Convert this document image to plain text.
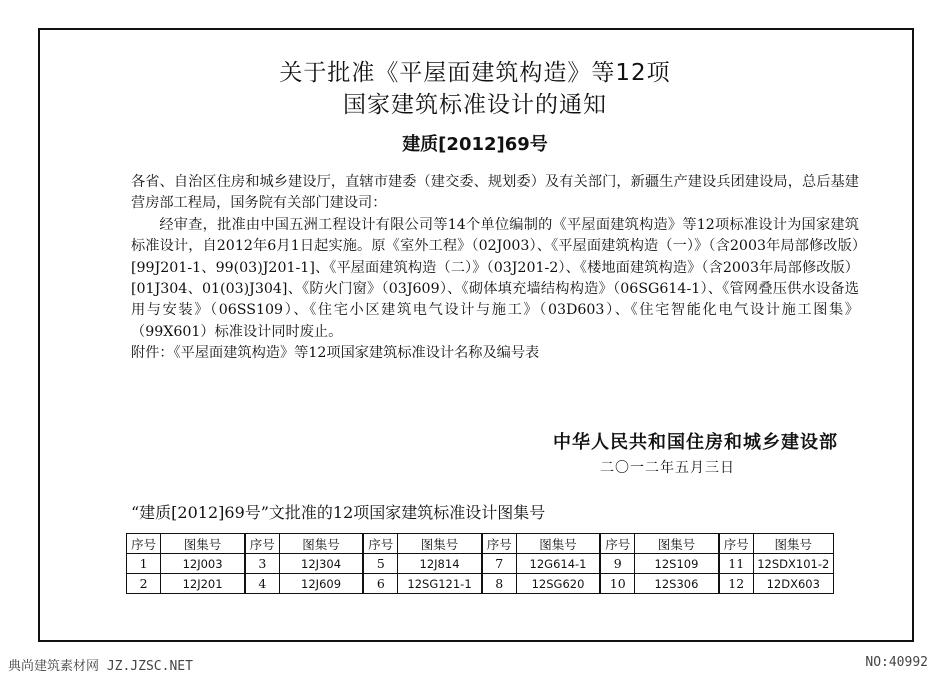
关于批准《平屋面建筑构造》等12项
国家建筑标准设计的通知
建质[2012]69号

各省、自治区住房和城乡建设厅，直辖市建委（建交委、规划委）及有关部门，新疆生产建设兵团建设局，总后基建营房部工程局，国务院有关部门建设司：

经审查，批准由中国五洲工程设计有限公司等14个单位编制的《平屋面建筑构造》等12项标准设计为国家建筑标准设计，自2012年6月1日起实施。原《室外工程》（02J003）、《平屋面建筑构造（一）》（含2003年局部修改版）[99J201-1、99(03)J201-1]、《平屋面建筑构造（二）》（03J201-2）、《楼地面建筑构造》（含2003年局部修改版）[01J304、01(03)J304]、《防火门窗》（03J609）、《砌体填充墙结构构造》（06SG614-1）、《管网叠压供水设备选用与安装》（06SS109）、《住宅小区建筑电气设计与施工》（03D603）、《住宅智能化电气设计施工图集》（99X601）标准设计同时废止。

附件：《平屋面建筑构造》等12项国家建筑标准设计名称及编号表

中华人民共和国住房和城乡建设部
二〇一二年五月三日
“建质[2012]69号”文批准的12项国家建筑标准设计图集号
序号	图集号	序号	图集号	序号	图集号	序号	图集号	序号	图集号	序号	图集号
1	12J003	3	12J304	5	12J814	7	12G614-1	9	12S109	11	12SDX101-2
2	12J201	4	12J609	6	12SG121-1	8	12SG620	10	12S306	12	12DX603
典尚建筑素材网 JZ.JZSC.NET	NO:40992
